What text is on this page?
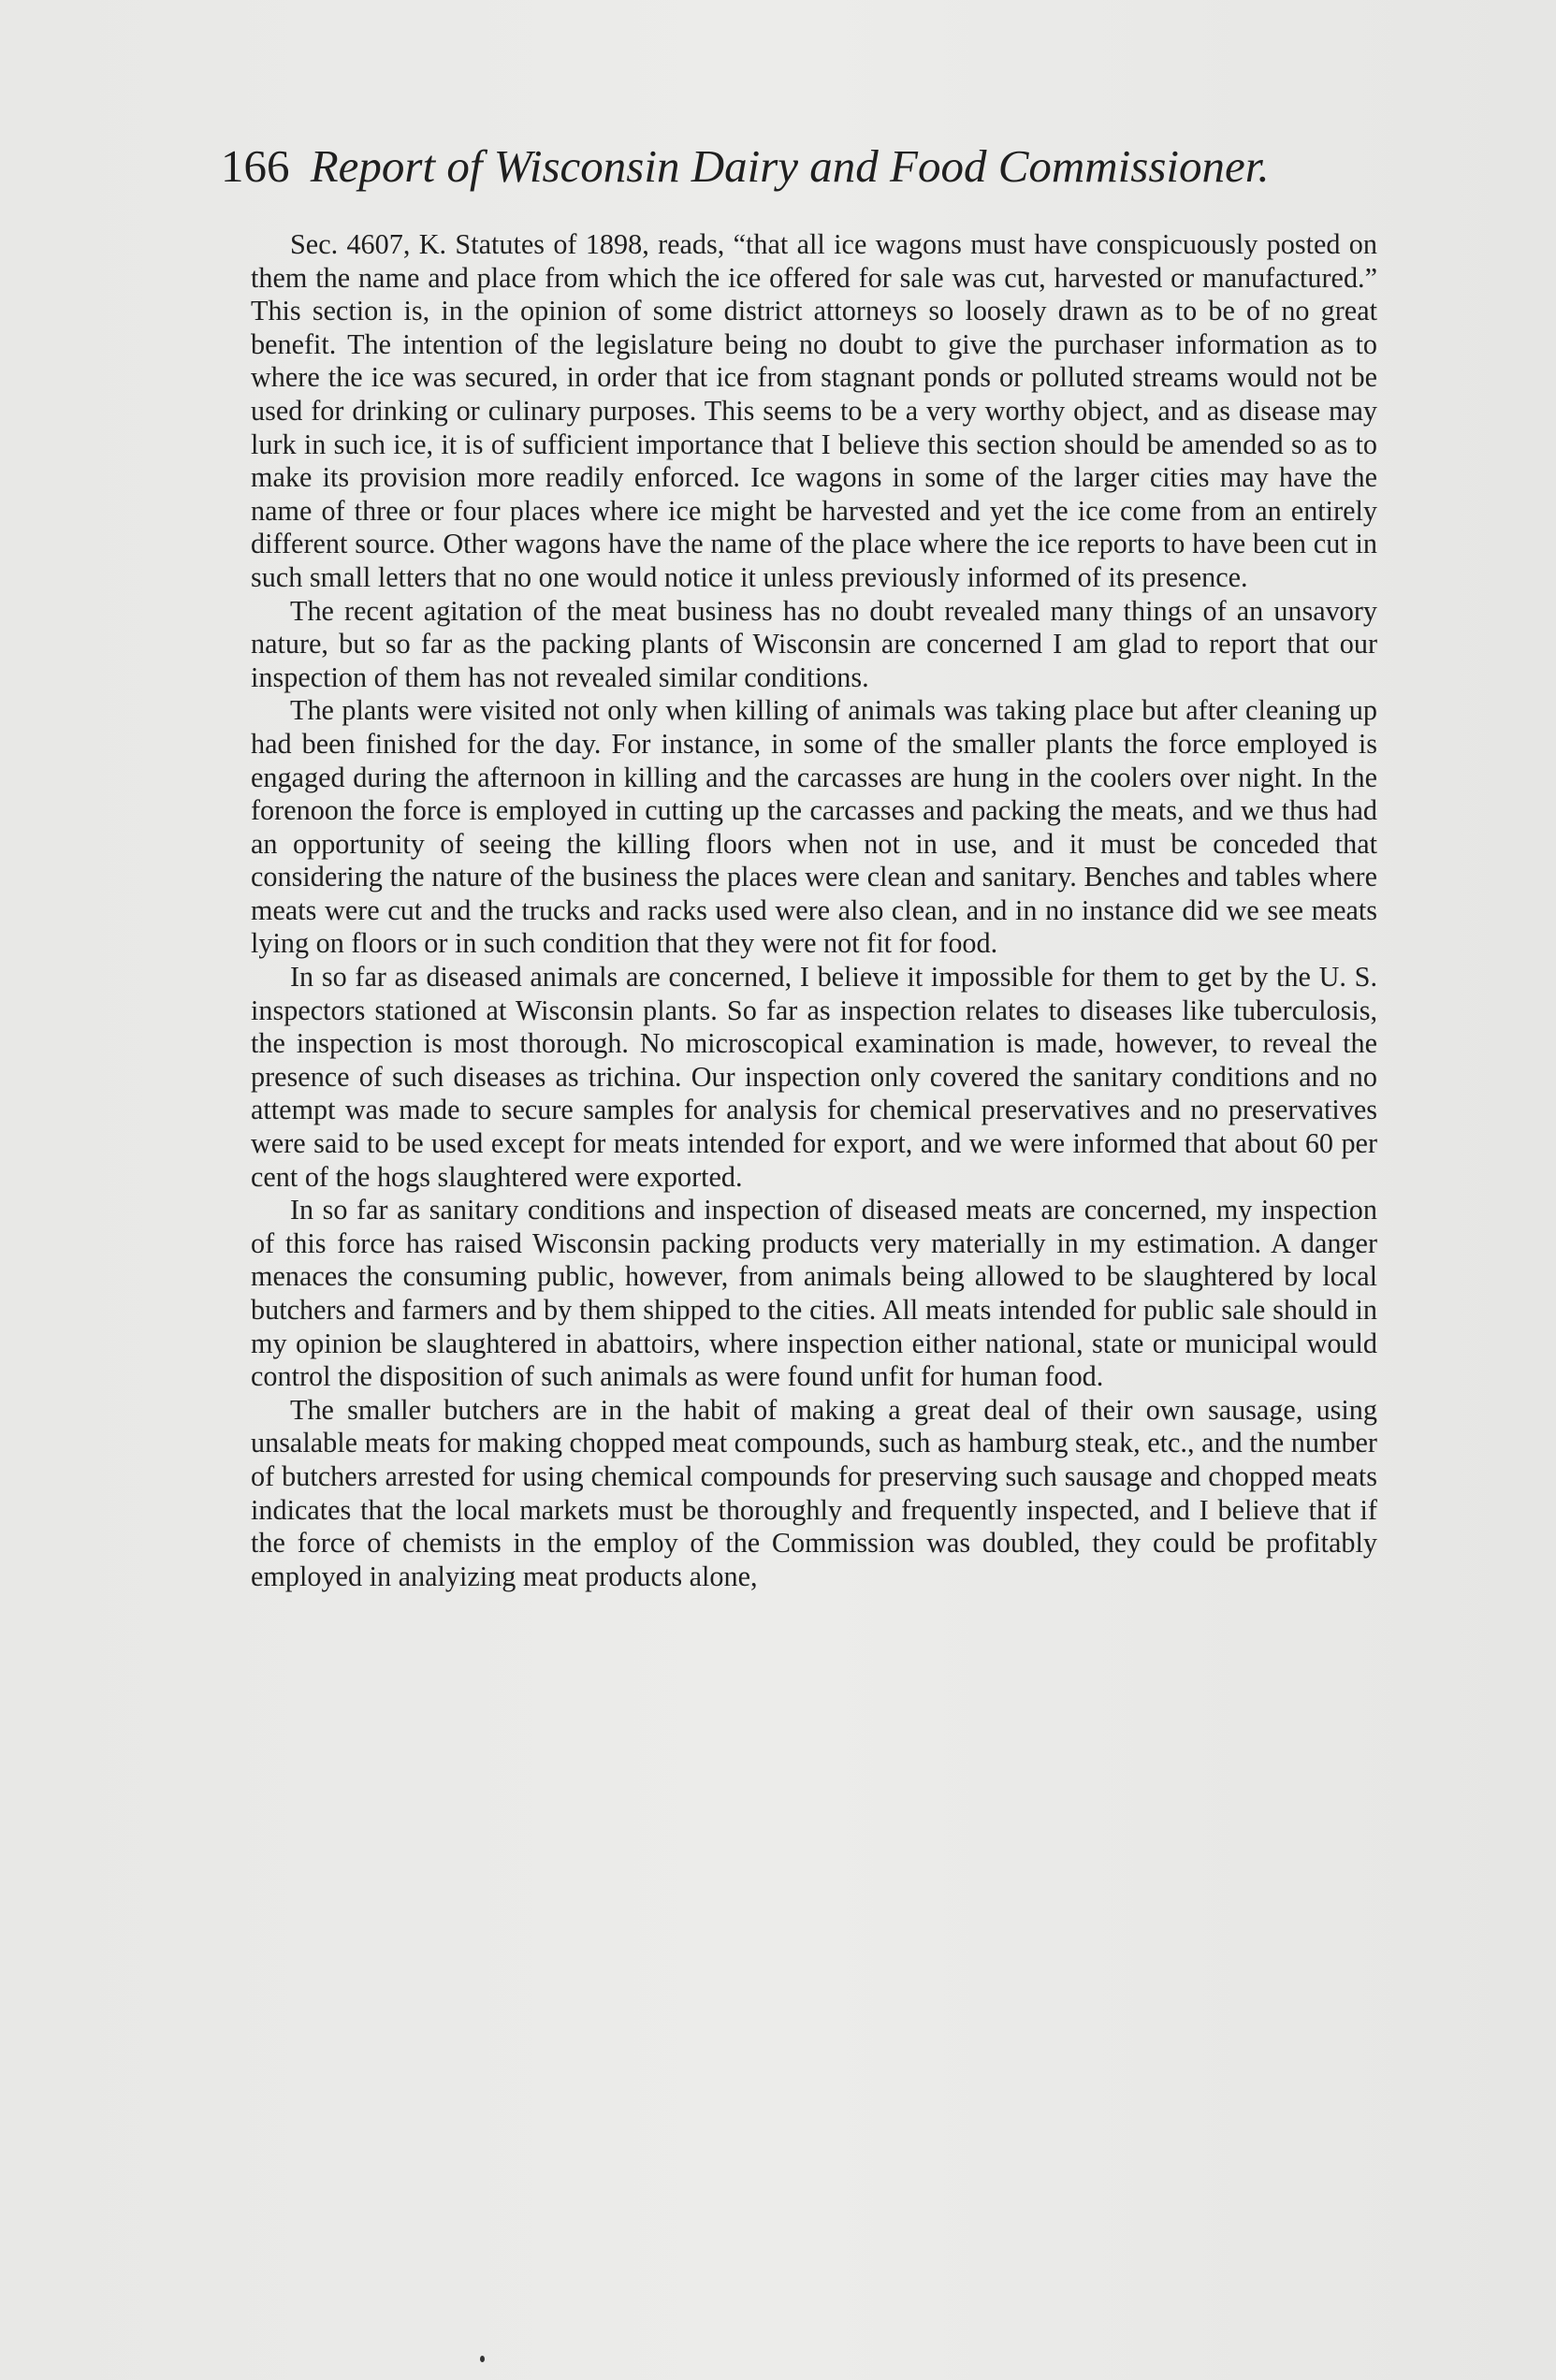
166 Report of Wisconsin Dairy and Food Commissioner.

Sec. 4607, K. Statutes of 1898, reads, “that all ice wagons must have conspicuously posted on them the name and place from which the ice offered for sale was cut, harvested or manufactured.” This section is, in the opinion of some district attorneys so loosely drawn as to be of no great benefit. The intention of the legislature being no doubt to give the purchaser information as to where the ice was secured, in order that ice from stagnant ponds or polluted streams would not be used for drinking or culinary purposes. This seems to be a very worthy object, and as disease may lurk in such ice, it is of sufficient importance that I believe this section should be amended so as to make its provision more readily enforced. Ice wagons in some of the larger cities may have the name of three or four places where ice might be harvested and yet the ice come from an entirely different source. Other wagons have the name of the place where the ice reports to have been cut in such small letters that no one would notice it unless previously informed of its presence.

The recent agitation of the meat business has no doubt revealed many things of an unsavory nature, but so far as the packing plants of Wisconsin are concerned I am glad to report that our inspection of them has not revealed similar conditions.

The plants were visited not only when killing of animals was taking place but after cleaning up had been finished for the day. For instance, in some of the smaller plants the force employed is engaged during the afternoon in killing and the carcasses are hung in the coolers over night. In the forenoon the force is employed in cutting up the carcasses and packing the meats, and we thus had an opportunity of seeing the killing floors when not in use, and it must be conceded that considering the nature of the business the places were clean and sanitary. Benches and tables where meats were cut and the trucks and racks used were also clean, and in no instance did we see meats lying on floors or in such condition that they were not fit for food.

In so far as diseased animals are concerned, I believe it impossible for them to get by the U. S. inspectors stationed at Wisconsin plants. So far as inspection relates to diseases like tuberculosis, the inspection is most thorough. No microscopical examination is made, however, to reveal the presence of such diseases as trichina. Our inspection only covered the sanitary conditions and no attempt was made to secure samples for analysis for chemical preservatives and no preservatives were said to be used except for meats intended for export, and we were informed that about 60 per cent of the hogs slaughtered were exported.

In so far as sanitary conditions and inspection of diseased meats are concerned, my inspection of this force has raised Wisconsin packing products very materially in my estimation. A danger menaces the consuming public, however, from animals being allowed to be slaughtered by local butchers and farmers and by them shipped to the cities. All meats intended for public sale should in my opinion be slaughtered in abattoirs, where inspection either national, state or municipal would control the disposition of such animals as were found unfit for human food.

The smaller butchers are in the habit of making a great deal of their own sausage, using unsalable meats for making chopped meat compounds, such as hamburg steak, etc., and the number of butchers arrested for using chemical compounds for preserving such sausage and chopped meats indicates that the local markets must be thoroughly and frequently inspected, and I believe that if the force of chemists in the employ of the Commission was doubled, they could be profitably employed in analyizing meat products alone,
